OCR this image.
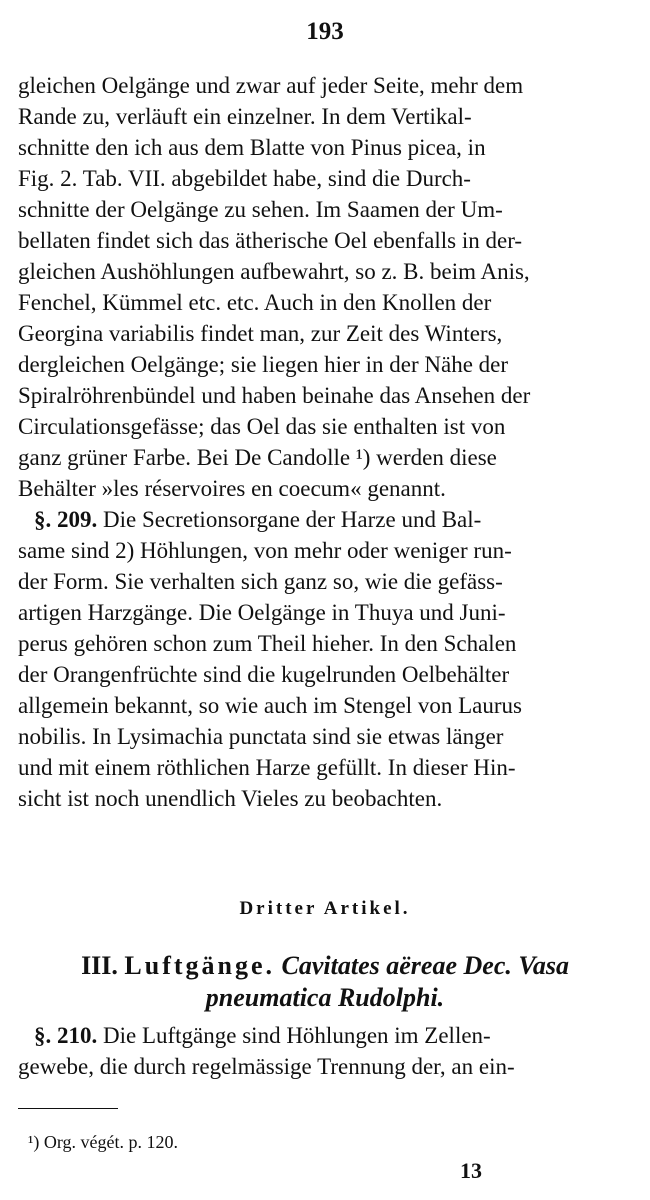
193
gleichen Oelgänge und zwar auf jeder Seite, mehr dem
Rande zu, verläuft ein einzelner. In dem Vertikal-
schnitte den ich aus dem Blatte von Pinus picea, in
Fig. 2. Tab. VII. abgebildet habe, sind die Durch-
schnitte der Oelgänge zu sehen. Im Saamen der Um-
bellaten findet sich das ätherische Oel ebenfalls in der-
gleichen Aushöhlungen aufbewahrt, so z. B. beim Anis,
Fenchel, Kümmel etc. etc. Auch in den Knollen der
Georgina variabilis findet man, zur Zeit des Winters,
dergleichen Oelgänge; sie liegen hier in der Nähe der
Spiralröhrenbündel und haben beinahe das Ansehen der
Circulationsgefässe; das Oel das sie enthalten ist von
ganz grüner Farbe. Bei De Candolle ¹) werden diese
Behälter »les réservoires en coecum« genannt.
§. 209. Die Secretionsorgane der Harze und Bal-
same sind 2) Höhlungen, von mehr oder weniger run-
der Form. Sie verhalten sich ganz so, wie die gefäss-
artigen Harzgänge. Die Oelgänge in Thuya und Juni-
perus gehören schon zum Theil hieher. In den Schalen
der Orangenfrüchte sind die kugelrunden Oelbehälter
allgemein bekannt, so wie auch im Stengel von Laurus
nobilis. In Lysimachia punctata sind sie etwas länger
und mit einem röthlichen Harze gefüllt. In dieser Hin-
sicht ist noch unendlich Vieles zu beobachten.
Dritter Artikel.
III. Luftgänge. Cavitates aëreae Dec. Vasa
pneumatica Rudolphi.
§. 210. Die Luftgänge sind Höhlungen im Zellen-
gewebe, die durch regelmässige Trennung der, an ein-
¹) Org. végét. p. 120.
13
